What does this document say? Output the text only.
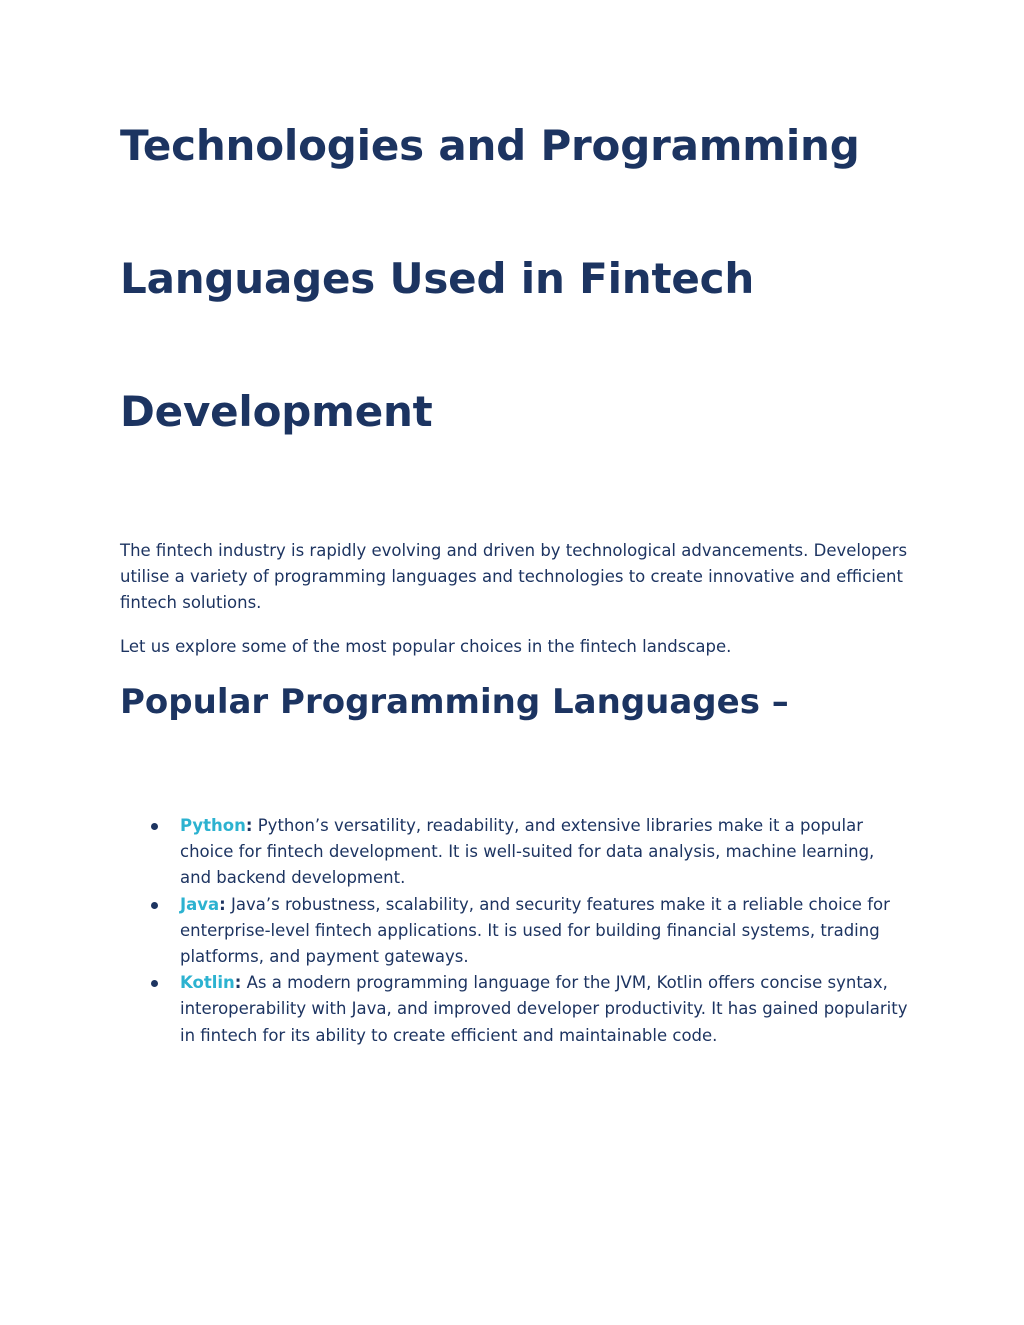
Technologies and Programming
Languages Used in Fintech
Development

The fintech industry is rapidly evolving and driven by technological advancements. Developers utilise a variety of programming languages and technologies to create innovative and efficient fintech solutions.

Let us explore some of the most popular choices in the fintech landscape.

Popular Programming Languages –
Python: Python’s versatility, readability, and extensive libraries make it a popular choice for fintech development. It is well-suited for data analysis, machine learning, and backend development.
Java: Java’s robustness, scalability, and security features make it a reliable choice for enterprise-level fintech applications. It is used for building financial systems, trading platforms, and payment gateways.
Kotlin: As a modern programming language for the JVM, Kotlin offers concise syntax, interoperability with Java, and improved developer productivity. It has gained popularity in fintech for its ability to create efficient and maintainable code.
